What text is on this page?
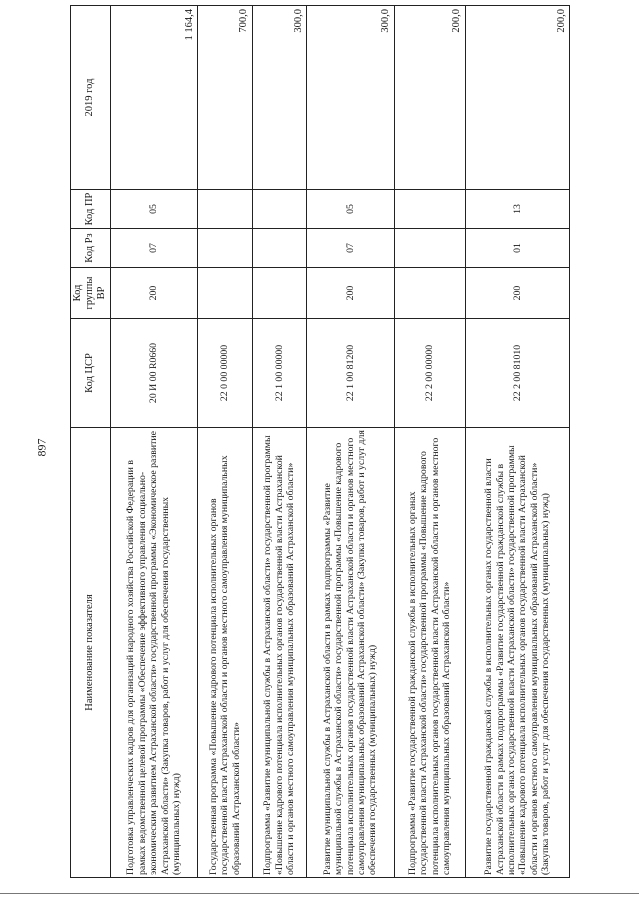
897
Наименование показателя	Код ЦСР	Код группы ВР	Код Рз	Код ПР	2019 год
Подготовка управленческих кадров для организаций народного хозяйства Российской Федерации в рамках ведомственной целевой программы «Обеспечение эффективного управления социально-экономическим развитием Астраханской области» государственной программы «Экономическое развитие Астраханской области» (Закупка товаров, работ и услуг для обеспечения государственных (муниципальных) нужд)	20 И 00 R0660	200	07	05	1 164,4
Государственная программа «Повышение кадрового потенциала исполнительных органов государственной власти Астраханской области и органов местного самоуправления муниципальных образований Астраханской области»	22 0 00 00000				700,0
Подпрограмма «Развитие муниципальной службы в Астраханской области» государственной программы «Повышение кадрового потенциала исполнительных органов государственной власти Астраханской области и органов местного самоуправления муниципальных образований Астраханской области»	22 1 00 00000				300,0
Развитие муниципальной службы в Астраханской области в рамках подпрограммы «Развитие муниципальной службы в Астраханской области» государственной программы «Повышение кадрового потенциала исполнительных органов государственной власти Астраханской области и органов местного самоуправления муниципальных образований Астраханской области» (Закупка товаров, работ и услуг для обеспечения государственных (муниципальных) нужд)	22 1 00 81200	200	07	05	300,0
Подпрограмма «Развитие государственной гражданской службы в исполнительных органах государственной власти Астраханской области» государственной программы «Повышение кадрового потенциала исполнительных органов государственной власти Астраханской области и органов местного самоуправления муниципальных образований Астраханской области»	22 2 00 00000				200,0
Развитие государственной гражданской службы в исполнительных органах государственной власти Астраханской области в рамках подпрограммы «Развитие государственной гражданской службы в исполнительных органах государственной власти Астраханской области» государственной программы «Повышение кадрового потенциала исполнительных органов государственной власти Астраханской области и органов местного самоуправления муниципальных образований Астраханской области» (Закупка товаров, работ и услуг для обеспечения государственных (муниципальных) нужд)	22 2 00 81010	200	01	13	200,0
